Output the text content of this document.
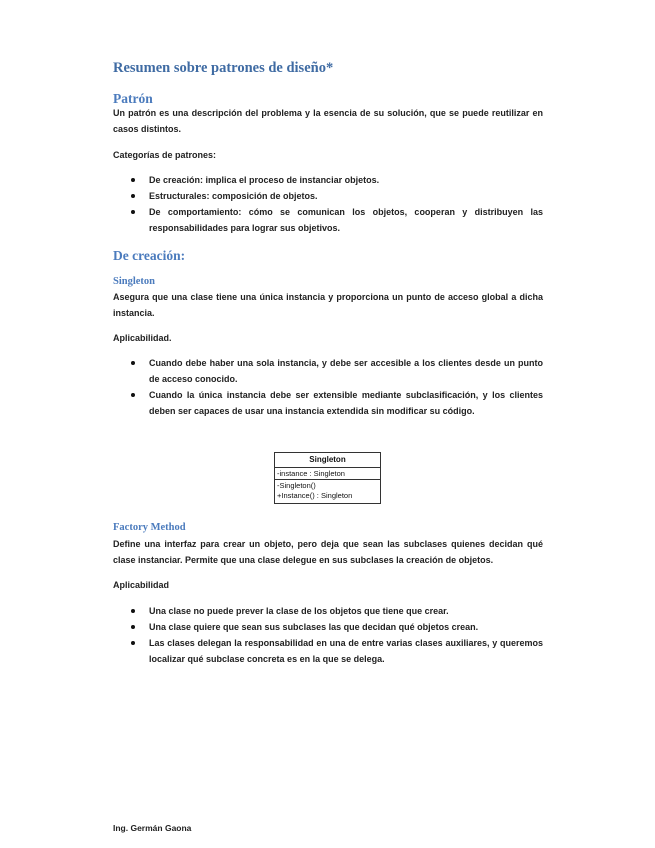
Resumen sobre patrones de diseño*
Patrón
Un patrón es una descripción del problema y la esencia de su solución, que se puede reutilizar en casos distintos.
Categorías de patrones:
De creación: implica el proceso de instanciar objetos.
Estructurales: composición de objetos.
De comportamiento: cómo se comunican los objetos, cooperan y distribuyen las responsabilidades para lograr sus objetivos.
De creación:
Singleton
Asegura que una clase tiene una única instancia y proporciona un punto de acceso global a dicha instancia.
Aplicabilidad.
Cuando debe haber una sola instancia, y debe ser accesible a los clientes desde un punto de acceso conocido.
Cuando la única instancia debe ser extensible mediante subclasificación, y los clientes deben ser capaces de usar una instancia extendida sin modificar su código.
Singleton
-instance : Singleton
-Singleton()
+Instance() : Singleton
Factory Method
Define una interfaz para crear un objeto, pero deja que sean las subclases quienes decidan qué clase instanciar. Permite que una clase delegue en sus subclases la creación de objetos.
Aplicabilidad
Una clase no puede prever la clase de los objetos que tiene que crear.
Una clase quiere que sean sus subclases las que decidan qué objetos crean.
Las clases delegan la responsabilidad en una de entre varias clases auxiliares, y queremos localizar qué subclase concreta es en la que se delega.
Ing. Germán Gaona
